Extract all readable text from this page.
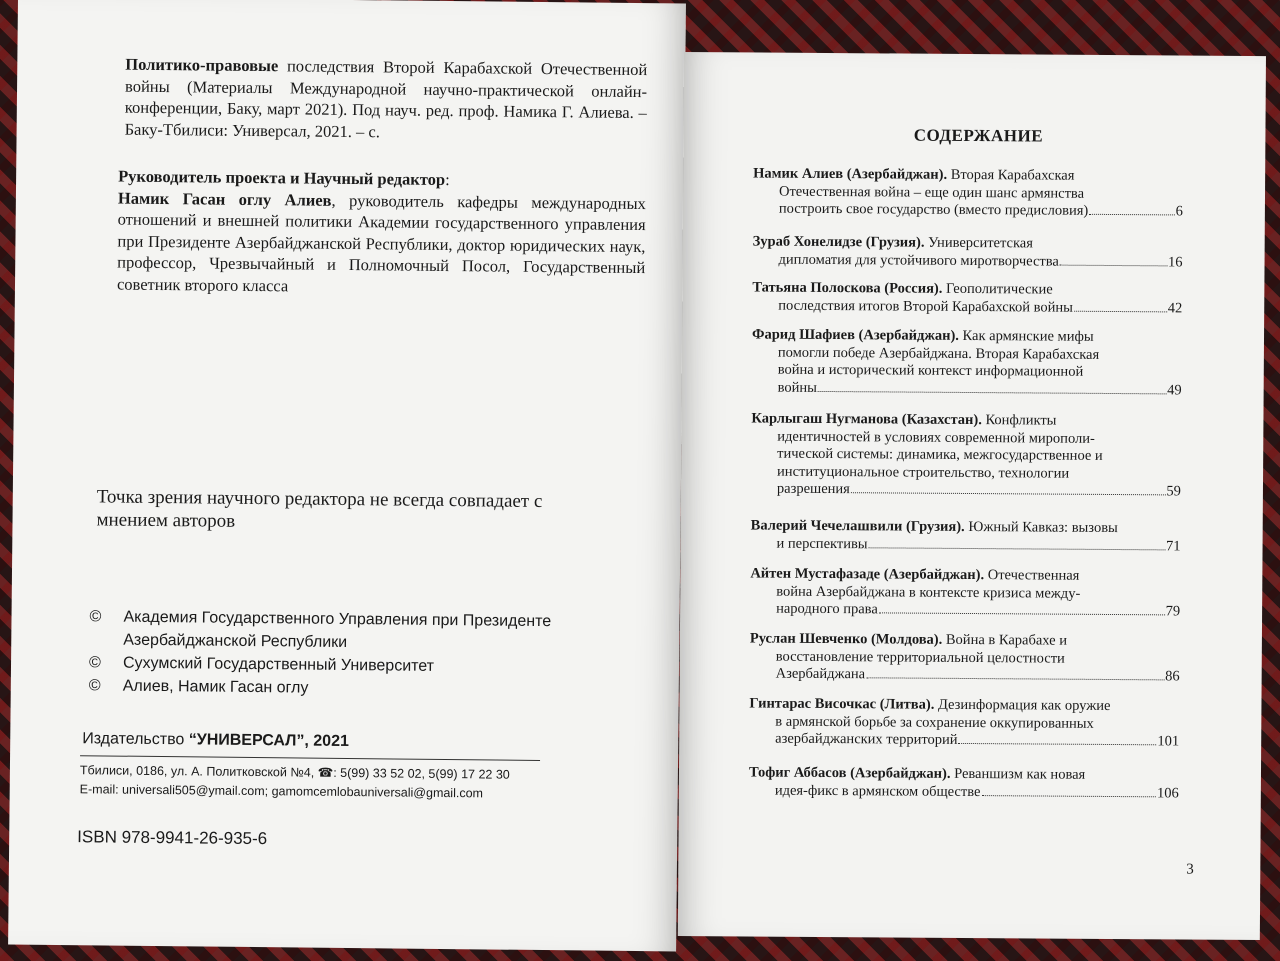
Политико-правовые последствия Второй Карабахской Отечественной войны (Материалы Международной научно-практической онлайн-конференции, Баку, март 2021). Под науч. ред. проф. Намика Г. Алиева. – Баку-Тбилиси: Универсал, 2021. – с.

Руководитель проекта и Научный редактор:

Намик Гасан оглу Алиев, руководитель кафедры международных отношений и внешней политики Академии государственного управления при Президенте Азербайджанской Республики, доктор юридических наук, профессор, Чрезвычайный и Полномочный Посол, Государственный советник второго класса

Точка зрения научного редактора не всегда совпадает с мнением авторов
©	Академия Государственного Управления при Президенте
Азербайджанской Республики
©	Сухумский Государственный Университет
©	Алиев, Намик Гасан оглу
Издательство “УНИВЕРСАЛ”, 2021
Тбилиси, 0186, ул. А. Политковской №4, ☎: 5(99) 33 52 02, 5(99) 17 22 30
E-mail: universali505@ymail.com; gamomcemlobauniversali@gmail.com
ISBN 978-9941-26-935-6
СОДЕРЖАНИЕ
Намик Алиев (Азербайджан). Вторая Карабахская
Отечественная война – еще один шанс армянства
построить свое государство (вместо предисловия)	6
Зураб Хонелидзе (Грузия). Университетская
дипломатия для устойчивого миротворчества	16
Татьяна Полоскова (Россия). Геополитические
последствия итогов Второй Карабахской войны	42
Фарид Шафиев (Азербайджан). Как армянские мифы
помогли победе Азербайджана. Вторая Карабахская
война и исторический контекст информационной
войны	49
Карлыгаш Нугманова (Казахстан). Конфликты
идентичностей в условиях современной мирополи-
тической системы: динамика, межгосударственное и
институциональное строительство, технологии
разрешения	59
Валерий Чечелашвили (Грузия). Южный Кавказ: вызовы
и перспективы	71
Айтен Мустафазаде (Азербайджан). Отечественная
война Азербайджана в контексте кризиса между-
народного права	79
Руслан Шевченко (Молдова). Война в Карабахе и
восстановление территориальной целостности
Азербайджана	86
Гинтарас Височкас (Литва). Дезинформация как оружие
в армянской борьбе за сохранение оккупированных
азербайджанских территорий	101
Тофиг Аббасов (Азербайджан). Реваншизм как новая
идея-фикс в армянском обществе	106
3
